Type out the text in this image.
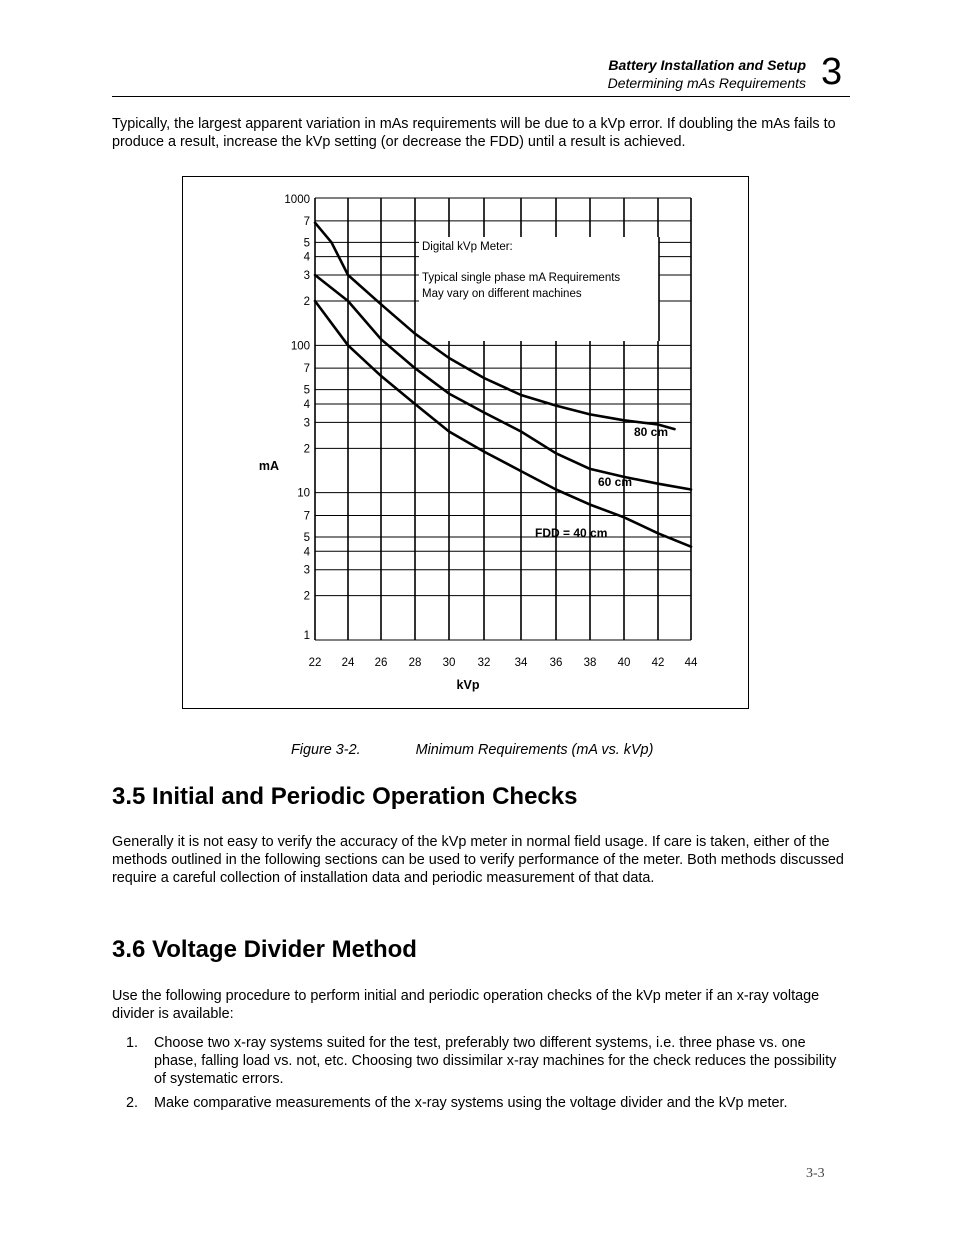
Battery Installation and Setup
Determining mAs Requirements 3
Typically, the largest apparent variation in mAs requirements will be due to a kVp error. If doubling the mAs fails to produce a result, increase the kVp setting (or decrease the FDD) until a result is achieved.
Digital kVp Meter:
Typical single phase mA Requirements
May vary on different machines
80 cm
60 cm
FDD = 40 cm
1000
7
5
4
3
2
100
7
5
4
3
2
10
7
5
4
3
2
1
22 24 26 28 30 32 34 36 38 40 42 44
kVp
mA
Figure 3-2.	Minimum Requirements (mA vs. kVp)
3.5 Initial and Periodic Operation Checks
Generally it is not easy to verify the accuracy of the kVp meter in normal field usage. If care is taken, either of the methods outlined in the following sections can be used to verify performance of the meter. Both methods discussed require a careful collection of installation data and periodic measurement of that data.
3.6 Voltage Divider Method
Use the following procedure to perform initial and periodic operation checks of the kVp meter if an x-ray voltage divider is available:
1. Choose two x-ray systems suited for the test, preferably two different systems, i.e. three phase vs. one phase, falling load vs. not, etc. Choosing two dissimilar x-ray machines for the check reduces the possibility of systematic errors.
2. Make comparative measurements of the x-ray systems using the voltage divider and the kVp meter.
3-3
